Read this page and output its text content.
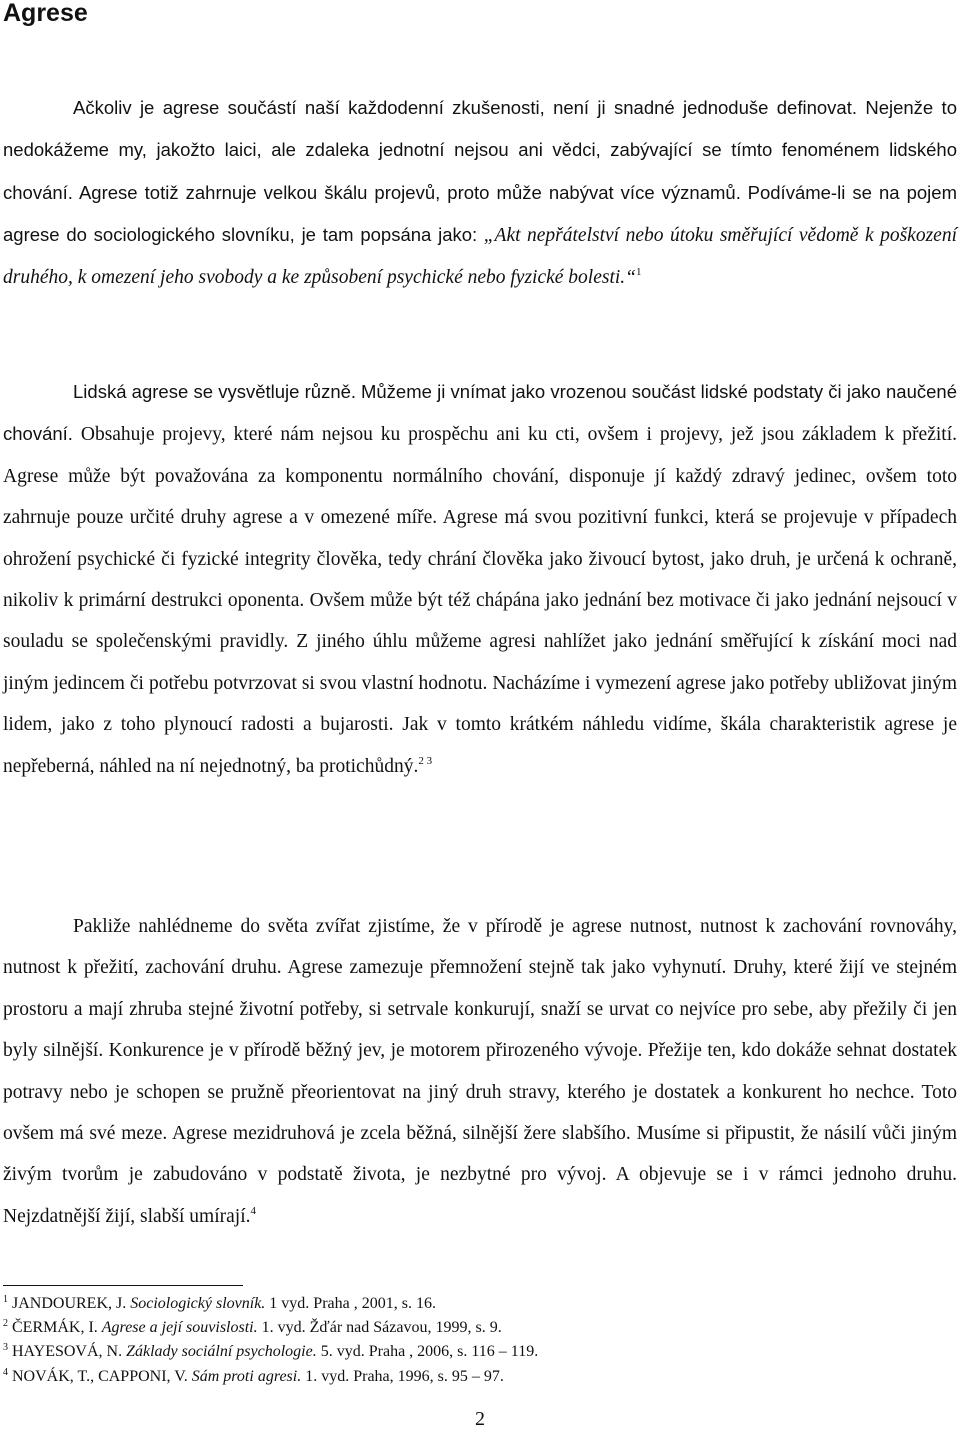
Agrese
Ačkoliv je agrese součástí naší každodenní zkušenosti, není ji snadné jednoduše definovat. Nejenže to nedokážeme my, jakožto laici, ale zdaleka jednotní nejsou ani vědci, zabývající se tímto fenoménem lidského chování. Agrese totiž zahrnuje velkou škálu projevů, proto může nabývat více významů. Podíváme-li se na pojem agrese do sociologického slovníku, je tam popsána jako: „Akt nepřátelství nebo útoku směřující vědomě k poškození druhého, k omezení jeho svobody a ke způsobení psychické nebo fyzické bolesti.“$^1$
Lidská agrese se vysvětluje různě. Můžeme ji vnímat jako vrozenou součást lidské podstaty či jako naučené chování. Obsahuje projevy, které nám nejsou ku prospěchu ani ku cti, ovšem i projevy, jež jsou základem k přežití. Agrese může být považována za komponentu normálního chování, disponuje jí každý zdravý jedinec, ovšem toto zahrnuje pouze určité druhy agrese a v omezené míře. Agrese má svou pozitivní funkci, která se projevuje v případech ohrožení psychické či fyzické integrity člověka, tedy chrání člověka jako živoucí bytost, jako druh, je určená k ochraně, nikoliv k primární destrukci oponenta. Ovšem může být též chápána jako jednání bez motivace či jako jednání nejsoucí v souladu se společenskými pravidly. Z jiného úhlu můžeme agresi nahlížet jako jednání směřující k získání moci nad jiným jedincem či potřebu potvrzovat si svou vlastní hodnotu. Nacházíme i vymezení agrese jako potřeby ubližovat jiným lidem, jako z toho plynoucí radosti a bujarosti. Jak v tomto krátkém náhledu vidíme, škála charakteristik agrese je nepřeberná, náhled na ní nejednotný, ba protichůdný.$^{2 3}$
Pakliže nahlédneme do světa zvířat zjistíme, že v přírodě je agrese nutnost, nutnost k zachování rovnováhy, nutnost k přežití, zachování druhu. Agrese zamezuje přemnožení stejně tak jako vyhynutí. Druhy, které žijí ve stejném prostoru a mají zhruba stejné životní potřeby, si setrvale konkurují, snaží se urvat co nejvíce pro sebe, aby přežily či jen byly silnější. Konkurence je v přírodě běžný jev, je motorem přirozeného vývoje. Přežije ten, kdo dokáže sehnat dostatek potravy nebo je schopen se pružně přeorientovat na jiný druh stravy, kterého je dostatek a konkurent ho nechce. Toto ovšem má své meze. Agrese mezidruhová je zcela běžná, silnější žere slabšího. Musíme si připustit, že násilí vůči jiným živým tvorům je zabudováno v podstatě života, je nezbytné pro vývoj. A objevuje se i v rámci jednoho druhu. Nejzdatnější žijí, slabší umírají.$^4$
$^1$ JANDOUREK, J. Sociologický slovník. 1 vyd. Praha , 2001, s. 16.
$^2$ ČERMÁK, I. Agrese a její souvislosti. 1. vyd. Žďár nad Sázavou, 1999, s. 9.
$^3$ HAYESOVÁ, N. Základy sociální psychologie. 5. vyd. Praha , 2006, s. 116 – 119.
$^4$ NOVÁK, T., CAPPONI, V. Sám proti agresi. 1. vyd. Praha, 1996, s. 95 – 97.
2
